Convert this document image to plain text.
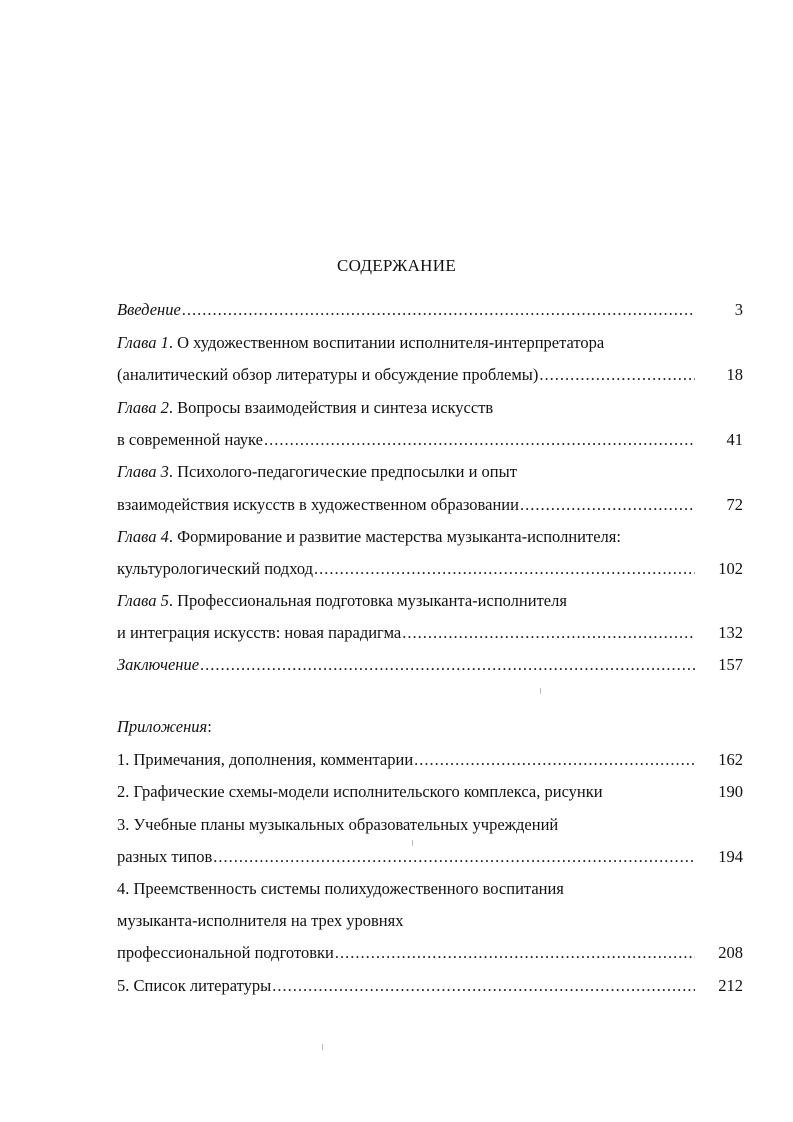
СОДЕРЖАНИЕ
Введение .....	3
Глава 1. О художественном воспитании исполнителя-интерпретатора
(аналитический обзор литературы и обсуждение проблемы) .....	18
Глава 2. Вопросы взаимодействия и синтеза искусств
в современной науке .....	41
Глава 3. Психолого-педагогические предпосылки и опыт
взаимодействия искусств в художественном образовании .....	72
Глава 4. Формирование и развитие мастерства музыканта-исполнителя:
культурологический подход .....	102
Глава 5. Профессиональная подготовка музыканта-исполнителя
и интеграция искусств: новая парадигма .....	132
Заключение .....	157
Приложения:
1. Примечания, дополнения, комментарии .....	162
2. Графические схемы-модели исполнительского комплекса, рисунки	190
3. Учебные планы музыкальных образовательных учреждений
разных типов .....	194
4. Преемственность системы полихудожественного воспитания
музыканта-исполнителя на трех уровнях
профессиональной подготовки .....	208
5. Список литературы .....	212
